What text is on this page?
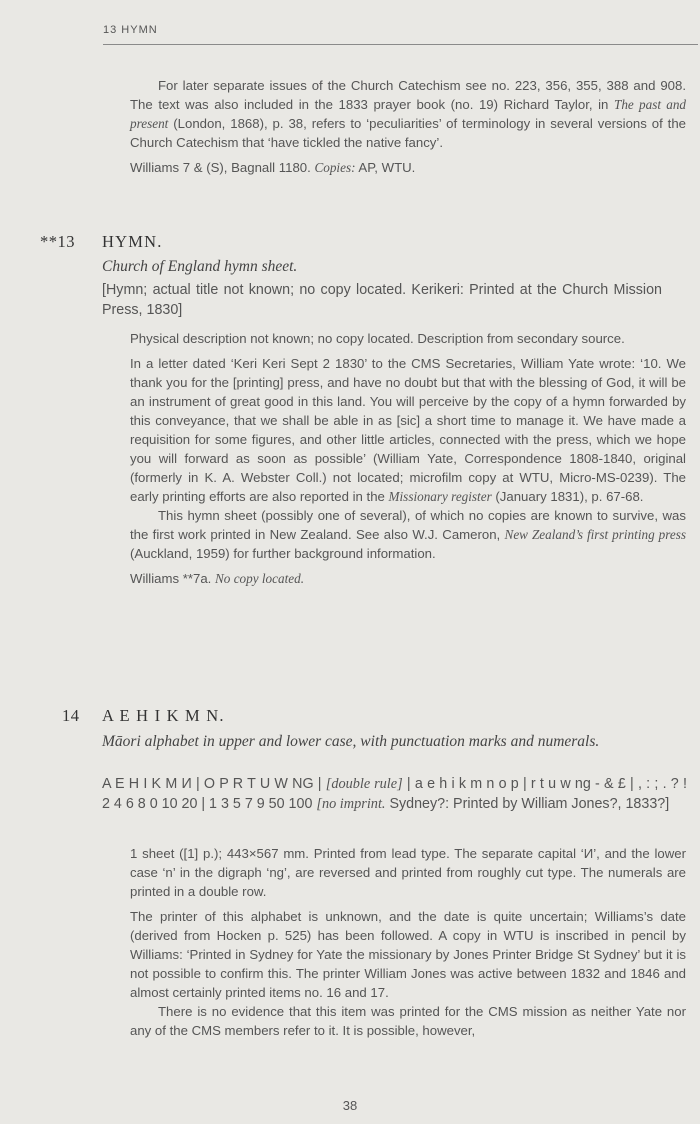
13 HYMN

For later separate issues of the Church Catechism see no. 223, 356, 355, 388 and 908. The text was also included in the 1833 prayer book (no. 19) Richard Taylor, in The past and present (London, 1868), p. 38, refers to ‘peculiarities’ of terminology in several versions of the Church Catechism that ‘have tickled the native fancy’.

Williams 7 & (S), Bagnall 1180. Copies: AP, WTU.

**13 HYMN.
Church of England hymn sheet.
[Hymn; actual title not known; no copy located. Kerikeri: Printed at the Church Mission Press, 1830]

Physical description not known; no copy located. Description from secondary source.

In a letter dated ‘Keri Keri Sept 2 1830’ to the CMS Secretaries, William Yate wrote: ‘10. We thank you for the [printing] press, and have no doubt but that with the blessing of God, it will be an instrument of great good in this land. You will perceive by the copy of a hymn forwarded by this conveyance, that we shall be able in as [sic] a short time to manage it. We have made a requisition for some figures, and other little articles, connected with the press, which we hope you will forward as soon as possible’ (William Yate, Correspondence 1808-1840, original (formerly in K. A. Webster Coll.) not located; microfilm copy at WTU, Micro-MS-0239). The early printing efforts are also reported in the Missionary register (January 1831), p. 67-68.

This hymn sheet (possibly one of several), of which no copies are known to survive, was the first work printed in New Zealand. See also W.J. Cameron, New Zealand’s first printing press (Auckland, 1959) for further background information.

Williams **7a. No copy located.

14 A E H I K M N.
Māori alphabet in upper and lower case, with punctuation marks and numerals.
A E H I K M И | O P R T U W NG | [double rule] | a e h i k m n o p | r t u w ng - & £ | , : ; . ? ! 2 4 6 8 0 10 20 | 1 3 5 7 9 50 100 [no imprint. Sydney?: Printed by William Jones?, 1833?]

1 sheet ([1] p.); 443×567 mm. Printed from lead type. The separate capital ‘И’, and the lower case ‘n’ in the digraph ‘ng’, are reversed and printed from roughly cut type. The numerals are printed in a double row.

The printer of this alphabet is unknown, and the date is quite uncertain; Williams’s date (derived from Hocken p. 525) has been followed. A copy in WTU is inscribed in pencil by Williams: ‘Printed in Sydney for Yate the missionary by Jones Printer Bridge St Sydney’ but it is not possible to confirm this. The printer William Jones was active between 1832 and 1846 and almost certainly printed items no. 16 and 17.

There is no evidence that this item was printed for the CMS mission as neither Yate nor any of the CMS members refer to it. It is possible, however,

38
